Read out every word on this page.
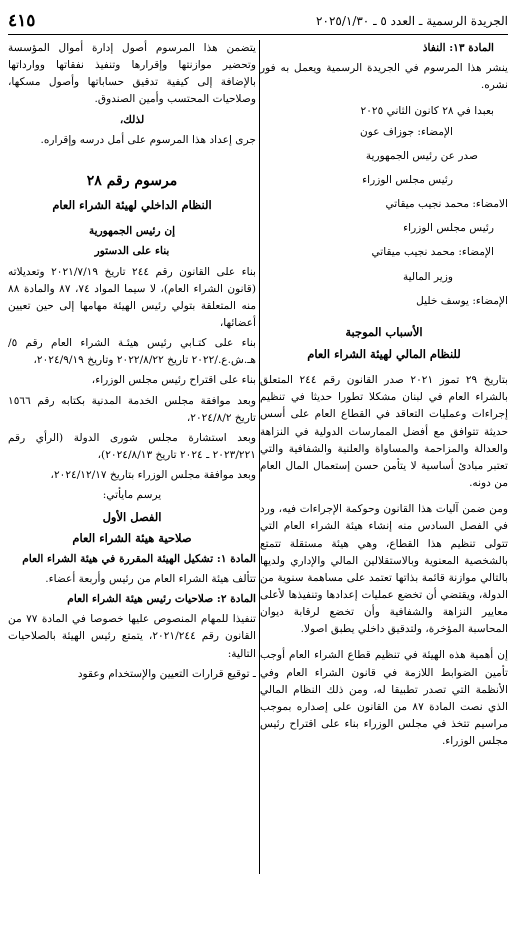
الجريدة الرسمية ـ العدد ٥ ـ ٢٠٢٥/١/٣٠
٤١٥

المادة ١٣: النفاذ

ينشر هذا المرسوم في الجريدة الرسمية ويعمل به فور نشره.

بعبدا في ٢٨ كانون الثاني ٢٠٢٥

الإمضاء: جوزاف عون

صدر عن رئيس الجمهورية

رئيس مجلس الوزراء

الامضاء: محمد نجيب ميقاتي

رئيس مجلس الوزراء

الإمضاء: محمد نجيب ميقاتي

وزير المالية

الإمضاء: يوسف خليل

الأسباب الموجبة

للنظام المالي لهيئة الشراء العام

بتاريخ ٢٩ تموز ٢٠٢١ صدر القانون رقم ٢٤٤ المتعلق بالشراء العام في لبنان مشكلا تطورا حديثا في تنظيم إجراءات وعمليات التعاقد في القطاع العام على أسس حديثة تتوافق مع أفضل الممارسات الدولية في النزاهة والعدالة والمزاحمة والمساواة والعلنية والشفافية والتي تعتبر مبادئ أساسية لا يتأمن حسن إستعمال المال العام من دونه.

ومن ضمن آليات هذا القانون وحوكمة الإجراءات فيه، ورد في الفصل السادس منه إنشاء هيئة الشراء العام التي تتولى تنظيم هذا القطاع، وهي هيئة مستقلة تتمتع بالشخصية المعنوية وبالاستقلالين المالي والإداري ولديها بالتالي موازنة قائمة بذاتها تعتمد على مساهمة سنوية من الدولة، ويقتضي أن تخضع عمليات إعدادها وتنفيذها لأعلى معايير النزاهة والشفافية وأن تخضع لرقابة ديوان المحاسبة المؤخرة، ولتدقيق داخلي يطبق اصولا.

إن أهمية هذه الهيئة في تنظيم قطاع الشراء العام أوجب تأمين الضوابط اللازمة في قانون الشراء العام وفي الأنظمة التي تصدر تطبيقا له، ومن ذلك النظام المالي الذي نصت المادة ٨٧ من القانون على إصداره بموجب مراسيم تتخذ في مجلس الوزراء بناء على اقتراح رئيس مجلس الوزراء.

يتضمن هذا المرسوم أصول إدارة أموال المؤسسة وتحضير موازنتها وإقرارها وتنفيذ نفقاتها ووارداتها بالإضافة إلى كيفية تدقيق حساباتها وأصول مسكها، وصلاحيات المحتسب وأمين الصندوق.

لذلك،

جرى إعداد هذا المرسوم على أمل درسه وإقراره.

مرسوم رقم ٢٨

النظام الداخلي لهيئة الشراء العام

إن رئيس الجمهورية

بناء على الدستور

بناء على القانون رقم ٢٤٤ تاريخ ٢٠٢١/٧/١٩ وتعديلاته (قانون الشراء العام)، لا سيما المواد ٧٤، ٨٧ والمادة ٨٨ منه المتعلقة بتولي رئيس الهيئة مهامها إلى حين تعيين أعضائها،

بناء على كتـابي رئيس هيئـة الشراء العام رقم ٥/هـ.ش.ع./٢٠٢٢ تاريخ ٢٠٢٢/٨/٢٢ وتاريخ ٢٠٢٤/٩/١٩،

بناء على اقتراح رئيس مجلس الوزراء،

وبعد موافقة مجلس الخدمة المدنية بكتابه رقم ١٥٦٦ تاريخ ٢٠٢٤/٨/٢،

وبعد استشارة مجلس شورى الدولة (الرأي رقم ٢٠٢٣/٢٢١ ـ ٢٠٢٤ تاريخ ٢٠٢٤/٨/١٣)،

وبعد موافقة مجلس الوزراء بتاريخ ٢٠٢٤/١٢/١٧،

يرسم مايأتي:

الفصل الأول

صلاحية هيئة الشراء العام

المادة ١: تشكيل الهيئة المقررة في هيئة الشراء العام

تتألف هيئة الشراء العام من رئيس وأربعة أعضاء.

المادة ٢: صلاحيات رئيس هيئة الشراء العام

تنفيذا للمهام المنصوص عليها خصوصا في المادة ٧٧ من القانون رقم ٢٠٢١/٢٤٤، يتمتع رئيس الهيئة بالصلاحيات التالية:

ـ توقيع قرارات التعيين والإستخدام وعقود
